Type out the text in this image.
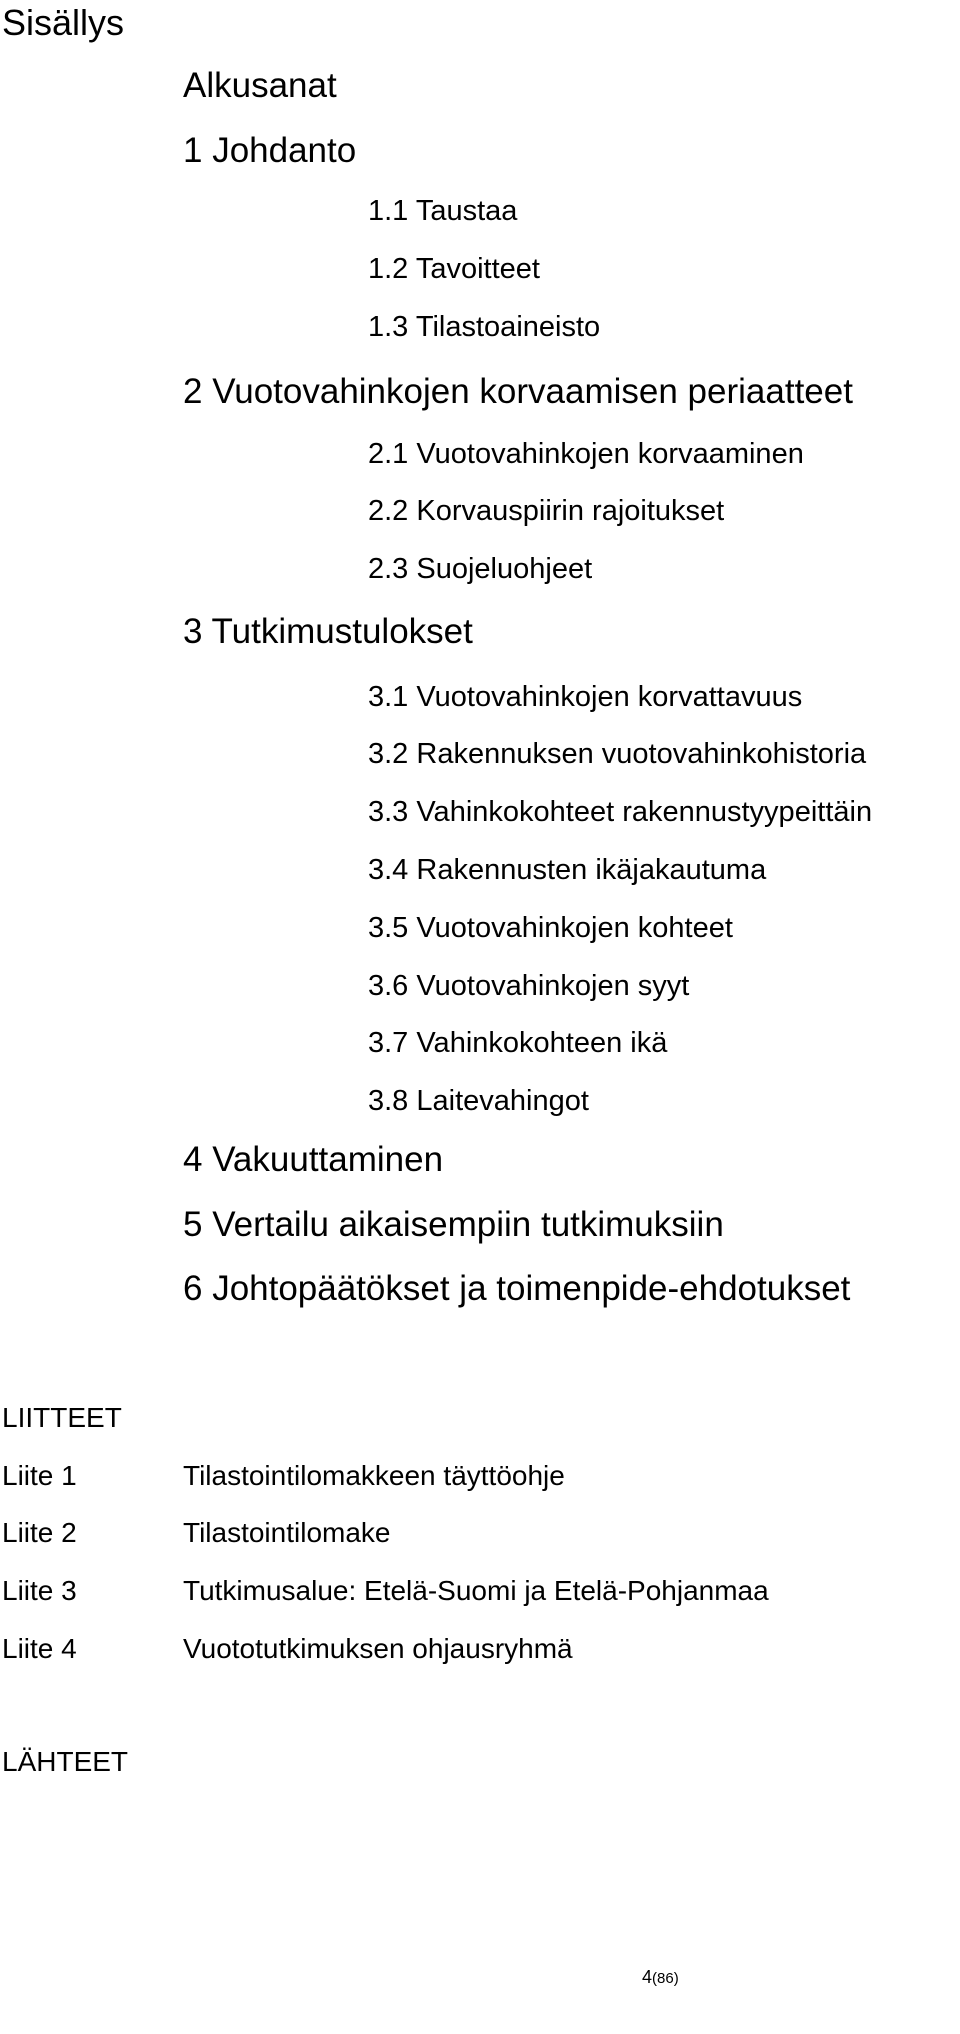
Sisällys
Alkusanat
1 Johdanto
1.1 Taustaa
1.2 Tavoitteet
1.3 Tilastoaineisto
2 Vuotovahinkojen korvaamisen periaatteet
2.1 Vuotovahinkojen korvaaminen
2.2 Korvauspiirin rajoitukset
2.3 Suojeluohjeet
3 Tutkimustulokset
3.1 Vuotovahinkojen korvattavuus
3.2 Rakennuksen vuotovahinkohistoria
3.3 Vahinkokohteet rakennustyypeittäin
3.4 Rakennusten ikäjakautuma
3.5 Vuotovahinkojen kohteet
3.6 Vuotovahinkojen syyt
3.7 Vahinkokohteen ikä
3.8 Laitevahingot
4 Vakuuttaminen
5 Vertailu aikaisempiin tutkimuksiin
6 Johtopäätökset ja toimenpide-ehdotukset
LIITTEET
Liite 1	Tilastointilomakkeen täyttöohje
Liite 2	Tilastointilomake
Liite 3	Tutkimusalue: Etelä-Suomi ja Etelä-Pohjanmaa
Liite 4	Vuototutkimuksen ohjausryhmä
LÄHTEET
4(86)
